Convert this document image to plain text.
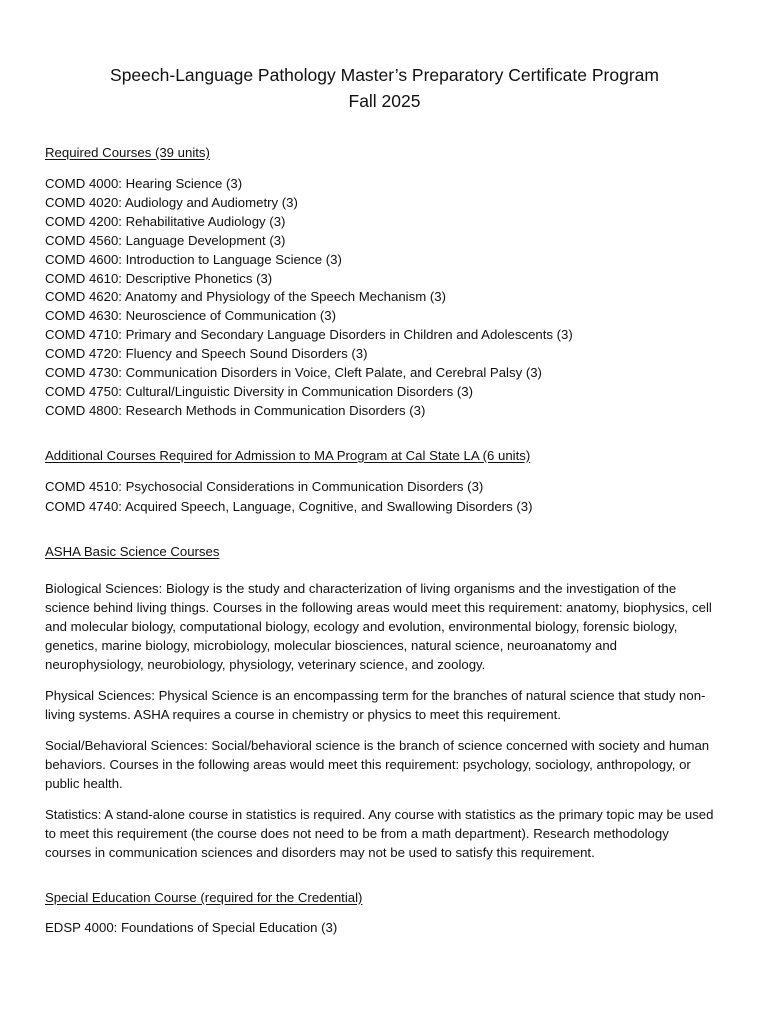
Speech-Language Pathology Master’s Preparatory Certificate Program
Fall 2025

Required Courses (39 units)

COMD 4000: Hearing Science (3)
COMD 4020: Audiology and Audiometry (3)
COMD 4200: Rehabilitative Audiology (3)
COMD 4560: Language Development (3)
COMD 4600: Introduction to Language Science (3)
COMD 4610: Descriptive Phonetics (3)
COMD 4620: Anatomy and Physiology of the Speech Mechanism (3)
COMD 4630: Neuroscience of Communication (3)
COMD 4710: Primary and Secondary Language Disorders in Children and Adolescents (3)
COMD 4720: Fluency and Speech Sound Disorders (3)
COMD 4730: Communication Disorders in Voice, Cleft Palate, and Cerebral Palsy (3)
COMD 4750: Cultural/Linguistic Diversity in Communication Disorders (3)
COMD 4800: Research Methods in Communication Disorders (3)

Additional Courses Required for Admission to MA Program at Cal State LA (6 units)

COMD 4510: Psychosocial Considerations in Communication Disorders (3)
COMD 4740: Acquired Speech, Language, Cognitive, and Swallowing Disorders (3)

ASHA Basic Science Courses

Biological Sciences: Biology is the study and characterization of living organisms and the investigation of the science behind living things. Courses in the following areas would meet this requirement: anatomy, biophysics, cell and molecular biology, computational biology, ecology and evolution, environmental biology, forensic biology, genetics, marine biology, microbiology, molecular biosciences, natural science, neuroanatomy and neurophysiology, neurobiology, physiology, veterinary science, and zoology.

Physical Sciences: Physical Science is an encompassing term for the branches of natural science that study non-living systems. ASHA requires a course in chemistry or physics to meet this requirement.

Social/Behavioral Sciences: Social/behavioral science is the branch of science concerned with society and human behaviors. Courses in the following areas would meet this requirement: psychology, sociology, anthropology, or public health.

Statistics: A stand-alone course in statistics is required. Any course with statistics as the primary topic may be used to meet this requirement (the course does not need to be from a math department). Research methodology courses in communication sciences and disorders may not be used to satisfy this requirement.

Special Education Course (required for the Credential)

EDSP 4000: Foundations of Special Education (3)
